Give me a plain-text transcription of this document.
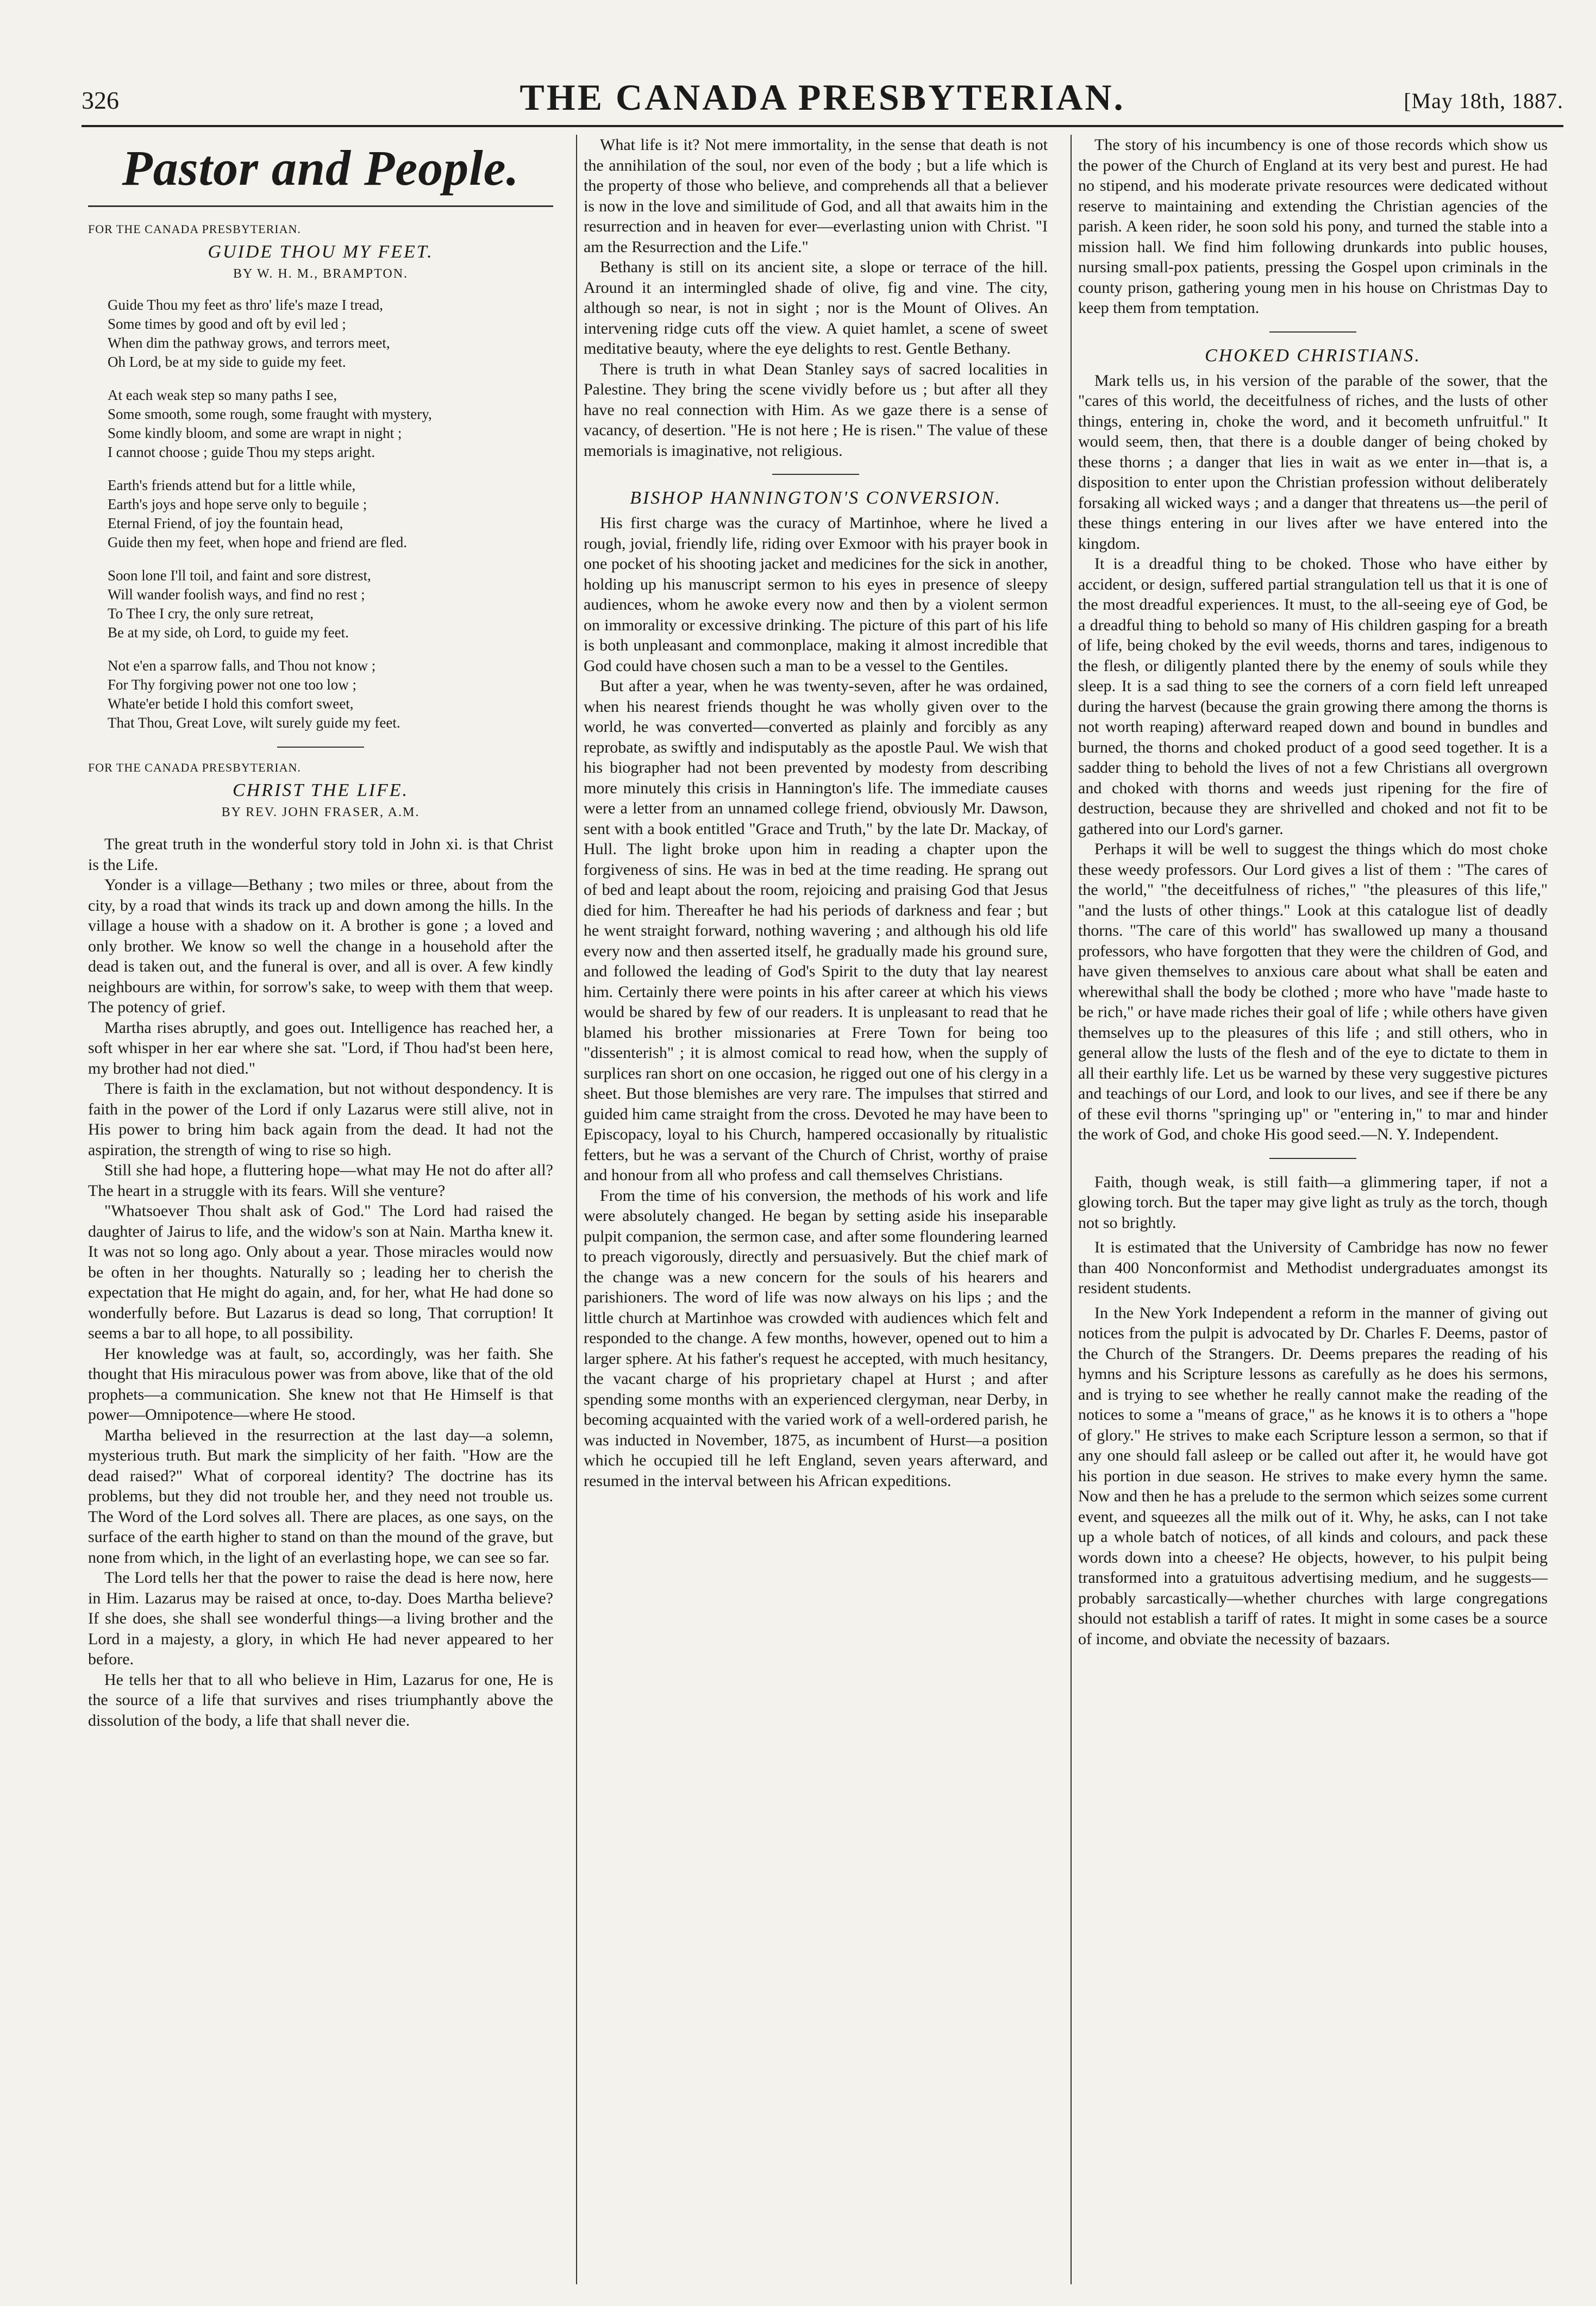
326	THE CANADA PRESBYTERIAN.	[May 18th, 1887.
Pastor and People.
FOR THE CANADA PRESBYTERIAN.
GUIDE THOU MY FEET.
BY W. H. M., BRAMPTON.
Guide Thou my feet as thro' life's maze I tread,
Some times by good and oft by evil led ;
When dim the pathway grows, and terrors meet,
Oh Lord, be at my side to guide my feet.
At each weak step so many paths I see,
Some smooth, some rough, some fraught with mystery,
Some kindly bloom, and some are wrapt in night ;
I cannot choose ; guide Thou my steps aright.
Earth's friends attend but for a little while,
Earth's joys and hope serve only to beguile ;
Eternal Friend, of joy the fountain head,
Guide then my feet, when hope and friend are fled.
Soon lone I'll toil, and faint and sore distrest,
Will wander foolish ways, and find no rest ;
To Thee I cry, the only sure retreat,
Be at my side, oh Lord, to guide my feet.
Not e'en a sparrow falls, and Thou not know ;
For Thy forgiving power not one too low ;
Whate'er betide I hold this comfort sweet,
That Thou, Great Love, wilt surely guide my feet.
FOR THE CANADA PRESBYTERIAN.
CHRIST THE LIFE.
BY REV. JOHN FRASER, A.M.

The great truth in the wonderful story told in John xi. is that Christ is the Life.

Yonder is a village—Bethany ; two miles or three, about from the city, by a road that winds its track up and down among the hills. In the village a house with a shadow on it. A brother is gone ; a loved and only brother. We know so well the change in a household after the dead is taken out, and the funeral is over, and all is over. A few kindly neighbours are within, for sorrow's sake, to weep with them that weep. The potency of grief.

Martha rises abruptly, and goes out. Intelligence has reached her, a soft whisper in her ear where she sat. "Lord, if Thou had'st been here, my brother had not died."

There is faith in the exclamation, but not without despondency. It is faith in the power of the Lord if only Lazarus were still alive, not in His power to bring him back again from the dead. It had not the aspiration, the strength of wing to rise so high.

Still she had hope, a fluttering hope—what may He not do after all? The heart in a struggle with its fears. Will she venture?

"Whatsoever Thou shalt ask of God." The Lord had raised the daughter of Jairus to life, and the widow's son at Nain. Martha knew it. It was not so long ago. Only about a year. Those miracles would now be often in her thoughts. Naturally so ; leading her to cherish the expectation that He might do again, and, for her, what He had done so wonderfully before. But Lazarus is dead so long, That corruption! It seems a bar to all hope, to all possibility.

Her knowledge was at fault, so, accordingly, was her faith. She thought that His miraculous power was from above, like that of the old prophets—a communication. She knew not that He Himself is that power—Omnipotence—where He stood.

Martha believed in the resurrection at the last day—a solemn, mysterious truth. But mark the simplicity of her faith. "How are the dead raised?" What of corporeal identity? The doctrine has its problems, but they did not trouble her, and they need not trouble us. The Word of the Lord solves all. There are places, as one says, on the surface of the earth higher to stand on than the mound of the grave, but none from which, in the light of an everlasting hope, we can see so far.

The Lord tells her that the power to raise the dead is here now, here in Him. Lazarus may be raised at once, to-day. Does Martha believe? If she does, she shall see wonderful things—a living brother and the Lord in a majesty, a glory, in which He had never appeared to her before.

He tells her that to all who believe in Him, Lazarus for one, He is the source of a life that survives and rises triumphantly above the dissolution of the body, a life that shall never die.

What life is it? Not mere immortality, in the sense that death is not the annihilation of the soul, nor even of the body ; but a life which is the property of those who believe, and comprehends all that a believer is now in the love and similitude of God, and all that awaits him in the resurrection and in heaven for ever—everlasting union with Christ. "I am the Resurrection and the Life."

Bethany is still on its ancient site, a slope or terrace of the hill. Around it an intermingled shade of olive, fig and vine. The city, although so near, is not in sight ; nor is the Mount of Olives. An intervening ridge cuts off the view. A quiet hamlet, a scene of sweet meditative beauty, where the eye delights to rest. Gentle Bethany.

There is truth in what Dean Stanley says of sacred localities in Palestine. They bring the scene vividly before us ; but after all they have no real connection with Him. As we gaze there is a sense of vacancy, of desertion. "He is not here ; He is risen." The value of these memorials is imaginative, not religious.

BISHOP HANNINGTON'S CONVERSION.

His first charge was the curacy of Martinhoe, where he lived a rough, jovial, friendly life, riding over Exmoor with his prayer book in one pocket of his shooting jacket and medicines for the sick in another, holding up his manuscript sermon to his eyes in presence of sleepy audiences, whom he awoke every now and then by a violent sermon on immorality or excessive drinking. The picture of this part of his life is both unpleasant and commonplace, making it almost incredible that God could have chosen such a man to be a vessel to the Gentiles.

But after a year, when he was twenty-seven, after he was ordained, when his nearest friends thought he was wholly given over to the world, he was converted—converted as plainly and forcibly as any reprobate, as swiftly and indisputably as the apostle Paul. We wish that his biographer had not been prevented by modesty from describing more minutely this crisis in Hannington's life. The immediate causes were a letter from an unnamed college friend, obviously Mr. Dawson, sent with a book entitled "Grace and Truth," by the late Dr. Mackay, of Hull. The light broke upon him in reading a chapter upon the forgiveness of sins. He was in bed at the time reading. He sprang out of bed and leapt about the room, rejoicing and praising God that Jesus died for him. Thereafter he had his periods of darkness and fear ; but he went straight forward, nothing wavering ; and although his old life every now and then asserted itself, he gradually made his ground sure, and followed the leading of God's Spirit to the duty that lay nearest him. Certainly there were points in his after career at which his views would be shared by few of our readers. It is unpleasant to read that he blamed his brother missionaries at Frere Town for being too "dissenterish" ; it is almost comical to read how, when the supply of surplices ran short on one occasion, he rigged out one of his clergy in a sheet. But those blemishes are very rare. The impulses that stirred and guided him came straight from the cross. Devoted he may have been to Episcopacy, loyal to his Church, hampered occasionally by ritualistic fetters, but he was a servant of the Church of Christ, worthy of praise and honour from all who profess and call themselves Christians.

From the time of his conversion, the methods of his work and life were absolutely changed. He began by setting aside his inseparable pulpit companion, the sermon case, and after some floundering learned to preach vigorously, directly and persuasively. But the chief mark of the change was a new concern for the souls of his hearers and parishioners. The word of life was now always on his lips ; and the little church at Martinhoe was crowded with audiences which felt and responded to the change. A few months, however, opened out to him a larger sphere. At his father's request he accepted, with much hesitancy, the vacant charge of his proprietary chapel at Hurst ; and after spending some months with an experienced clergyman, near Derby, in becoming acquainted with the varied work of a well-ordered parish, he was inducted in November, 1875, as incumbent of Hurst—a position which he occupied till he left England, seven years afterward, and resumed in the interval between his African expeditions.

The story of his incumbency is one of those records which show us the power of the Church of England at its very best and purest. He had no stipend, and his moderate private resources were dedicated without reserve to maintaining and extending the Christian agencies of the parish. A keen rider, he soon sold his pony, and turned the stable into a mission hall. We find him following drunkards into public houses, nursing small-pox patients, pressing the Gospel upon criminals in the county prison, gathering young men in his house on Christmas Day to keep them from temptation.

CHOKED CHRISTIANS.

Mark tells us, in his version of the parable of the sower, that the "cares of this world, the deceitfulness of riches, and the lusts of other things, entering in, choke the word, and it becometh unfruitful." It would seem, then, that there is a double danger of being choked by these thorns ; a danger that lies in wait as we enter in—that is, a disposition to enter upon the Christian profession without deliberately forsaking all wicked ways ; and a danger that threatens us—the peril of these things entering in our lives after we have entered into the kingdom.

It is a dreadful thing to be choked. Those who have either by accident, or design, suffered partial strangulation tell us that it is one of the most dreadful experiences. It must, to the all-seeing eye of God, be a dreadful thing to behold so many of His children gasping for a breath of life, being choked by the evil weeds, thorns and tares, indigenous to the flesh, or diligently planted there by the enemy of souls while they sleep. It is a sad thing to see the corners of a corn field left unreaped during the harvest (because the grain growing there among the thorns is not worth reaping) afterward reaped down and bound in bundles and burned, the thorns and choked product of a good seed together. It is a sadder thing to behold the lives of not a few Christians all overgrown and choked with thorns and weeds just ripening for the fire of destruction, because they are shrivelled and choked and not fit to be gathered into our Lord's garner.

Perhaps it will be well to suggest the things which do most choke these weedy professors. Our Lord gives a list of them : "The cares of the world," "the deceitfulness of riches," "the pleasures of this life," "and the lusts of other things." Look at this catalogue list of deadly thorns. "The care of this world" has swallowed up many a thousand professors, who have forgotten that they were the children of God, and have given themselves to anxious care about what shall be eaten and wherewithal shall the body be clothed ; more who have "made haste to be rich," or have made riches their goal of life ; while others have given themselves up to the pleasures of this life ; and still others, who in general allow the lusts of the flesh and of the eye to dictate to them in all their earthly life. Let us be warned by these very suggestive pictures and teachings of our Lord, and look to our lives, and see if there be any of these evil thorns "springing up" or "entering in," to mar and hinder the work of God, and choke His good seed.—N. Y. Independent.

Faith, though weak, is still faith—a glimmering taper, if not a glowing torch. But the taper may give light as truly as the torch, though not so brightly.

It is estimated that the University of Cambridge has now no fewer than 400 Nonconformist and Methodist undergraduates amongst its resident students.

In the New York Independent a reform in the manner of giving out notices from the pulpit is advocated by Dr. Charles F. Deems, pastor of the Church of the Strangers. Dr. Deems prepares the reading of his hymns and his Scripture lessons as carefully as he does his sermons, and is trying to see whether he really cannot make the reading of the notices to some a "means of grace," as he knows it is to others a "hope of glory." He strives to make each Scripture lesson a sermon, so that if any one should fall asleep or be called out after it, he would have got his portion in due season. He strives to make every hymn the same. Now and then he has a prelude to the sermon which seizes some current event, and squeezes all the milk out of it. Why, he asks, can I not take up a whole batch of notices, of all kinds and colours, and pack these words down into a cheese? He objects, however, to his pulpit being transformed into a gratuitous advertising medium, and he suggests—probably sarcastically—whether churches with large congregations should not establish a tariff of rates. It might in some cases be a source of income, and obviate the necessity of bazaars.
